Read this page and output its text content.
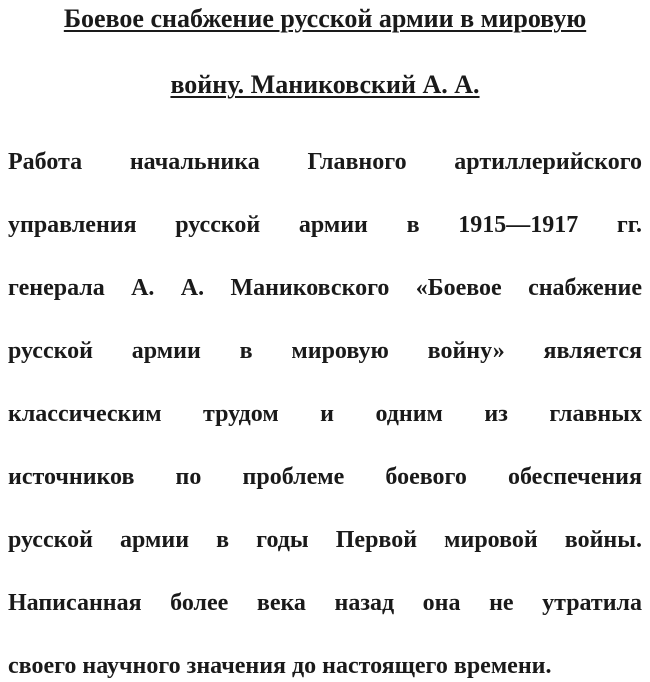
Боевое снабжение русской армии в мировую
войну. Маниковский А. А.

Работа начальника Главного артиллерийского

управления русской армии в 1915—1917 гг.

генерала А. А. Маниковского «Боевое снабжение

русской армии в мировую войну» является

классическим трудом и одним из главных

источников по проблеме боевого обеспечения

русской армии в годы Первой мировой войны.

Написанная более века назад она не утратила

своего научного значения до настоящего времени.
